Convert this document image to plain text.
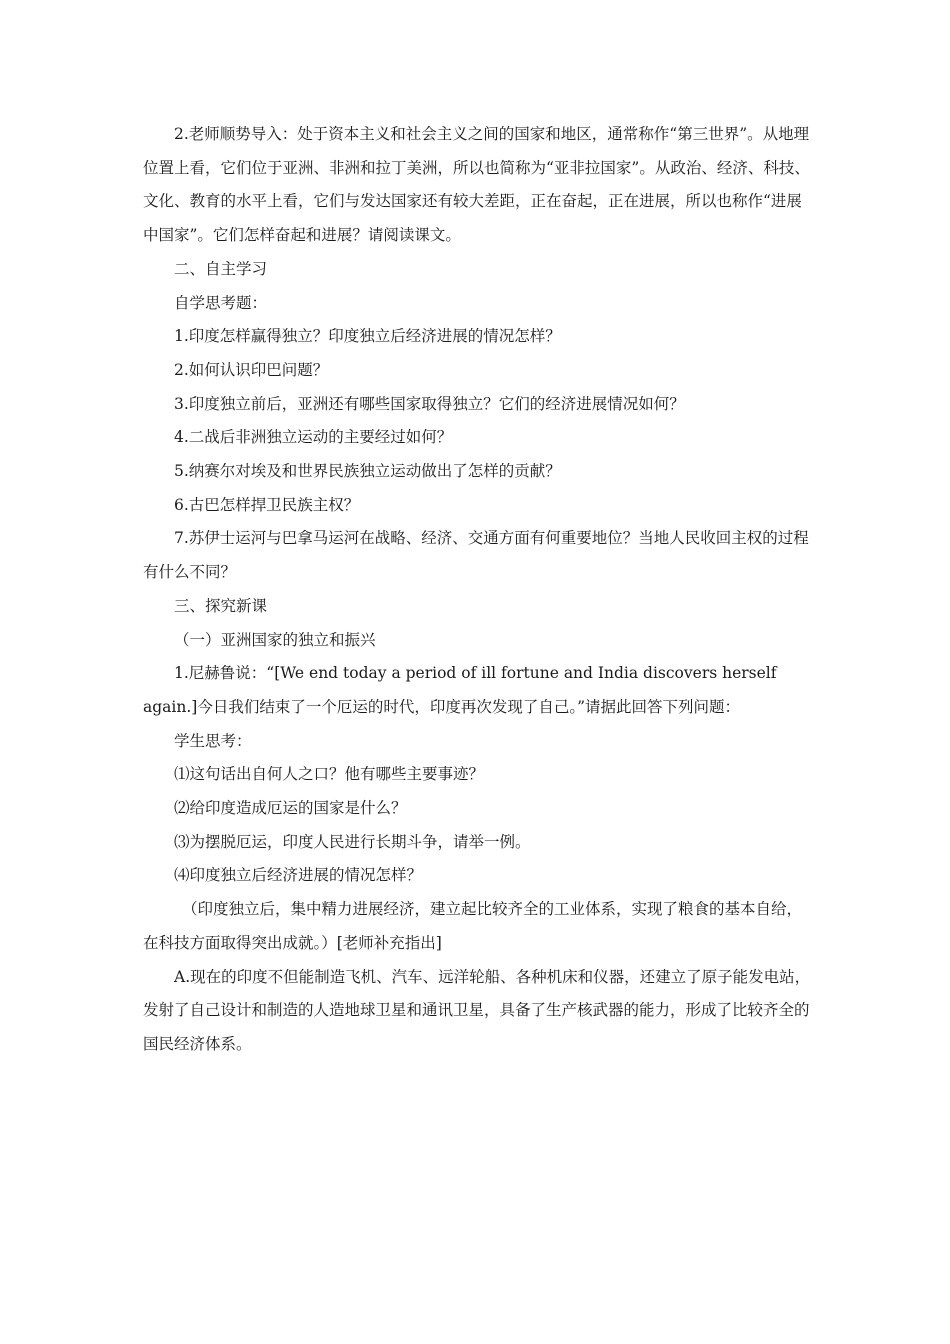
2.老师顺势导入：处于资本主义和社会主义之间的国家和地区，通常称作“第三世界”。从地理位置上看，它们位于亚洲、非洲和拉丁美洲，所以也简称为“亚非拉国家”。从政治、经济、科技、文化、教育的水平上看，它们与发达国家还有较大差距，正在奋起，正在进展，所以也称作“进展中国家”。它们怎样奋起和进展？请阅读课文。

二、自主学习

自学思考题：

1.印度怎样赢得独立？印度独立后经济进展的情况怎样？

2.如何认识印巴问题？

3.印度独立前后，亚洲还有哪些国家取得独立？它们的经济进展情况如何？

4.二战后非洲独立运动的主要经过如何？

5.纳赛尔对埃及和世界民族独立运动做出了怎样的贡献？

6.古巴怎样捍卫民族主权？

7.苏伊士运河与巴拿马运河在战略、经济、交通方面有何重要地位？当地人民收回主权的过程有什么不同？

三、探究新课

（一）亚洲国家的独立和振兴

1.尼赫鲁说：“[We end today a period of ill fortune and India discovers herself again.]今日我们结束了一个厄运的时代，印度再次发现了自己。”请据此回答下列问题：

学生思考：

⑴这句话出自何人之口？他有哪些主要事迹？

⑵给印度造成厄运的国家是什么？

⑶为摆脱厄运，印度人民进行长期斗争，请举一例。

⑷印度独立后经济进展的情况怎样？

（印度独立后，集中精力进展经济，建立起比较齐全的工业体系，实现了粮食的基本自给，在科技方面取得突出成就。）[老师补充指出]

A.现在的印度不但能制造飞机、汽车、远洋轮船、各种机床和仪器，还建立了原子能发电站，发射了自己设计和制造的人造地球卫星和通讯卫星，具备了生产核武器的能力，形成了比较齐全的国民经济体系。
